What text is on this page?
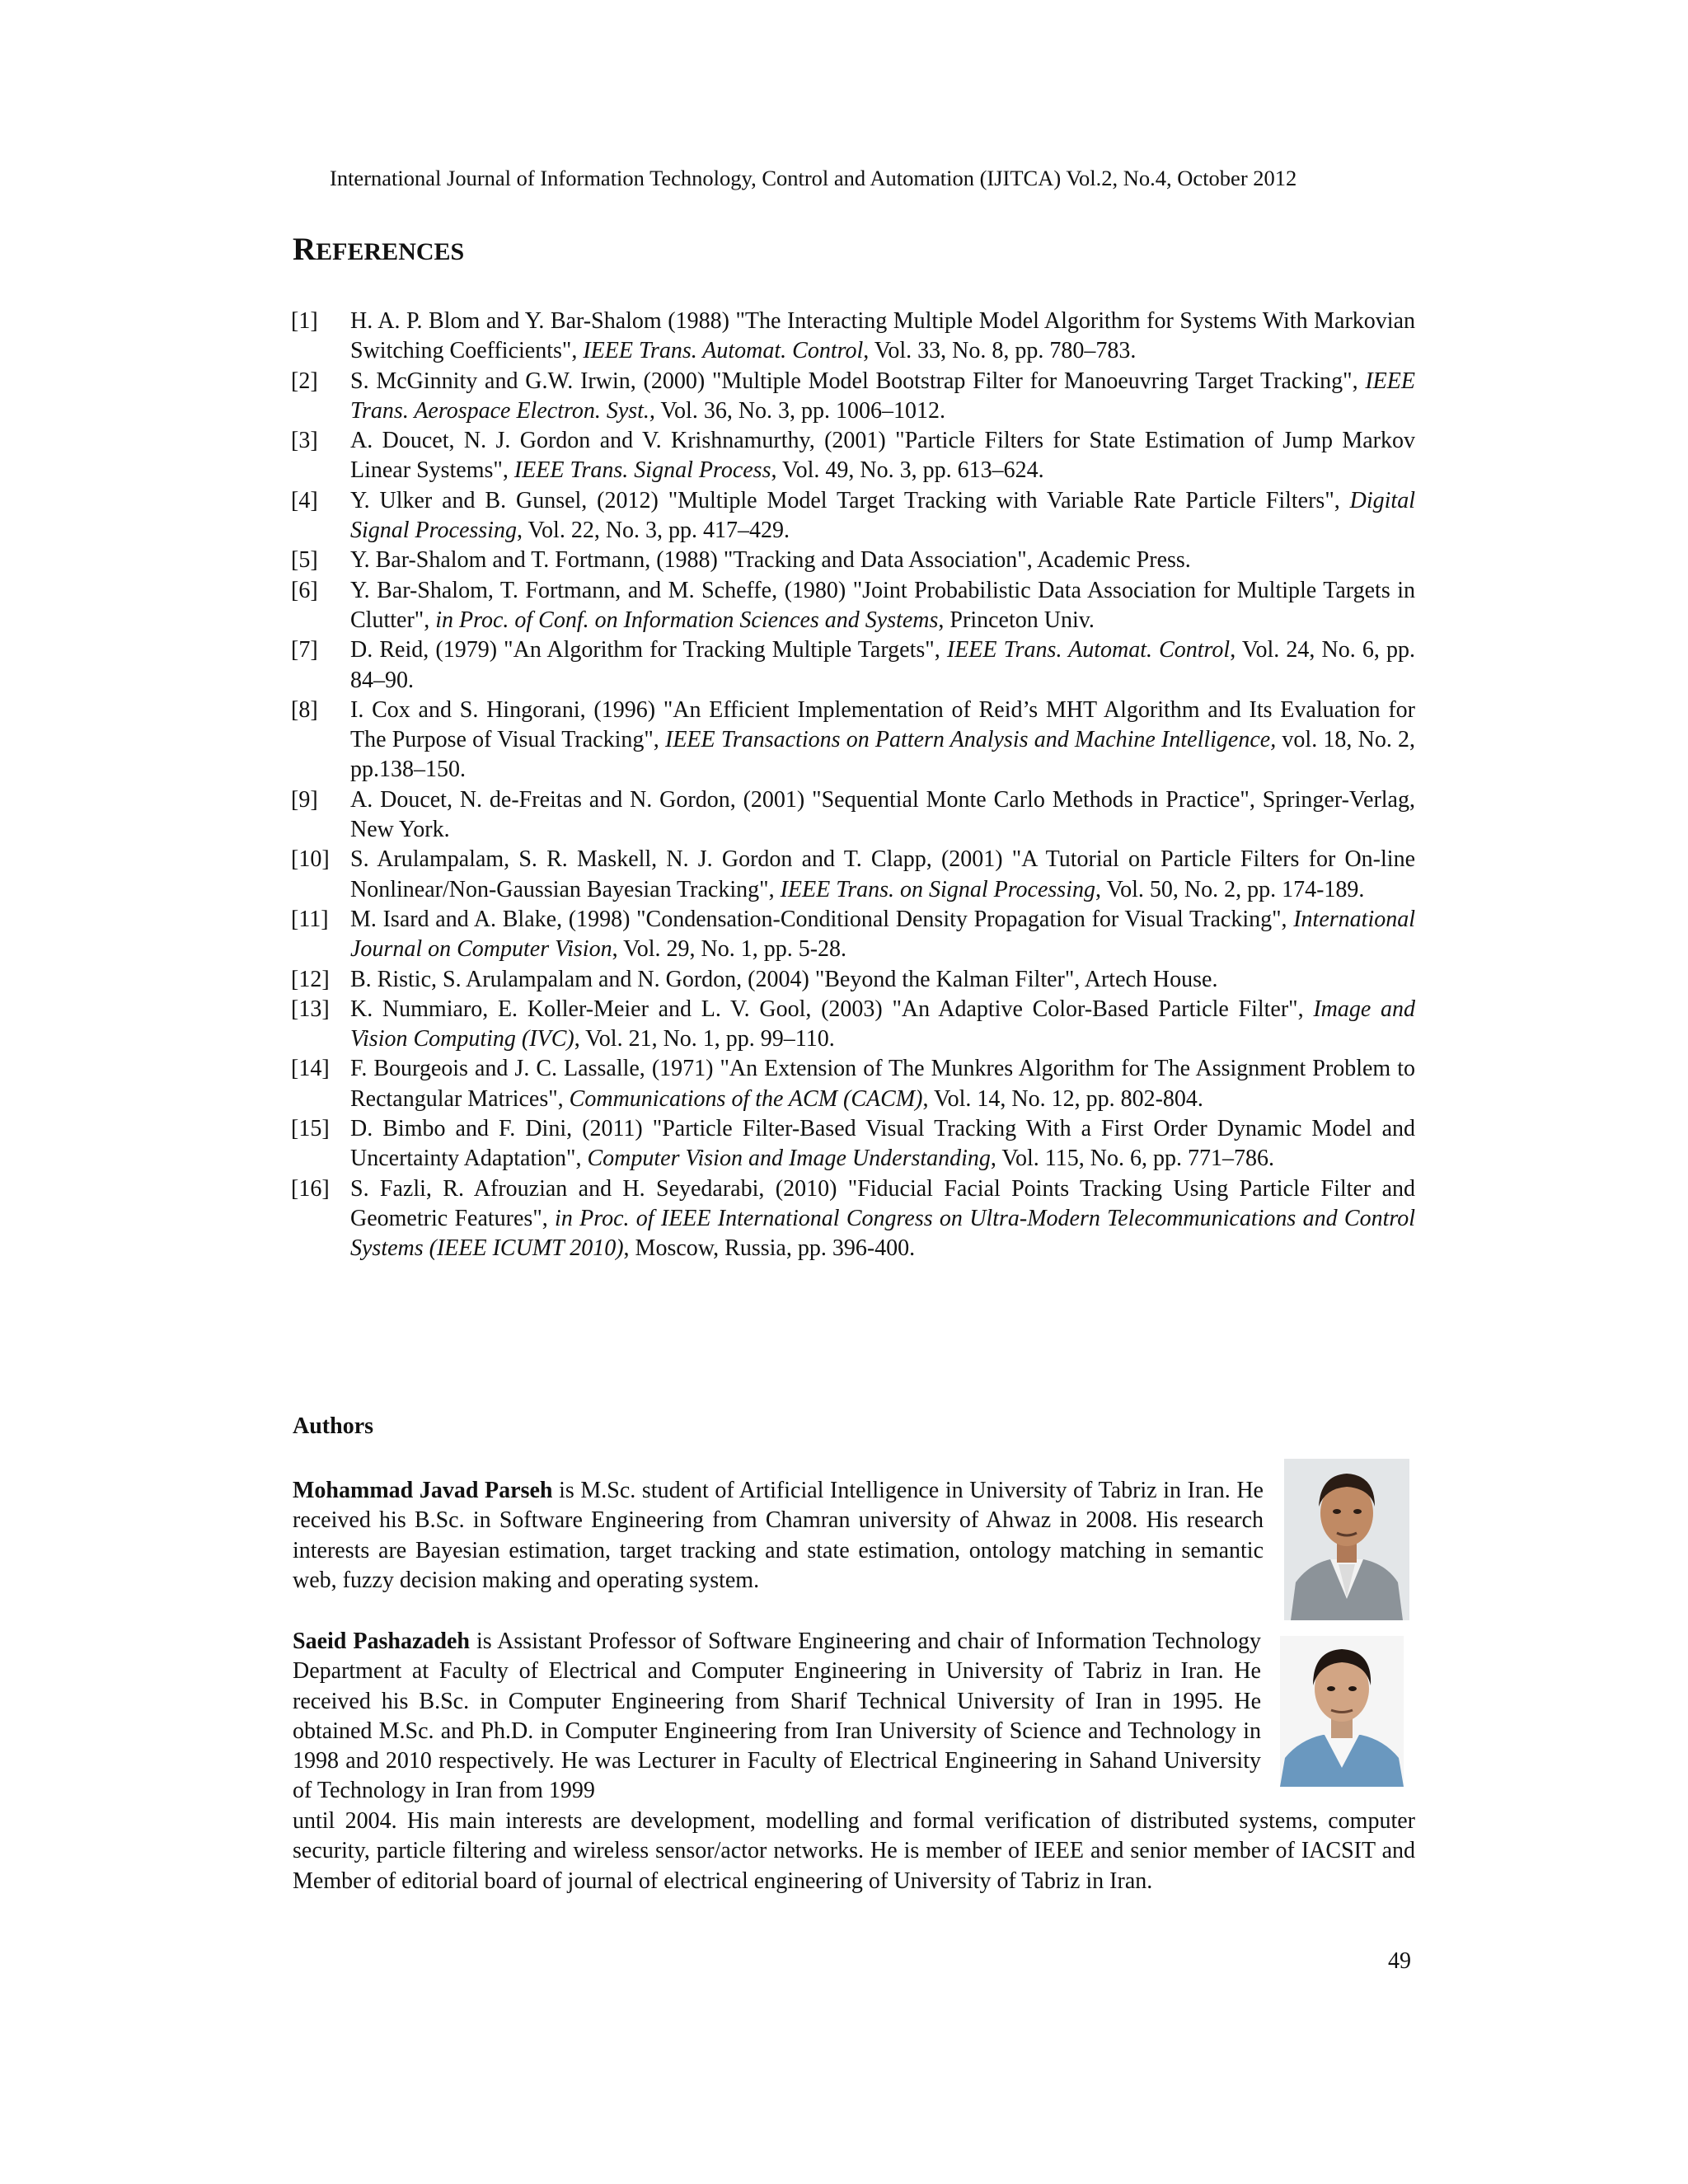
International Journal of Information Technology, Control and Automation (IJITCA) Vol.2, No.4, October 2012
REFERENCES
[1]	H. A. P. Blom and Y. Bar-Shalom (1988) "The Interacting Multiple Model Algorithm for Systems With Markovian Switching Coefficients", IEEE Trans. Automat. Control, Vol. 33, No. 8, pp. 780–783.
[2]	S. McGinnity and G.W. Irwin, (2000) "Multiple Model Bootstrap Filter for Manoeuvring Target Tracking", IEEE Trans. Aerospace Electron. Syst., Vol. 36, No. 3, pp. 1006–1012.
[3]	A. Doucet, N. J. Gordon and V. Krishnamurthy, (2001) "Particle Filters for State Estimation of Jump Markov Linear Systems", IEEE Trans. Signal Process, Vol. 49, No. 3, pp. 613–624.
[4]	Y. Ulker and B. Gunsel, (2012) "Multiple Model Target Tracking with Variable Rate Particle Filters", Digital Signal Processing, Vol. 22, No. 3, pp. 417–429.
[5]	Y. Bar-Shalom and T. Fortmann, (1988) "Tracking and Data Association", Academic Press.
[6]	Y. Bar-Shalom, T. Fortmann, and M. Scheffe, (1980) "Joint Probabilistic Data Association for Multiple Targets in Clutter", in Proc. of Conf. on Information Sciences and Systems, Princeton Univ.
[7]	D. Reid, (1979) "An Algorithm for Tracking Multiple Targets", IEEE Trans. Automat. Control, Vol. 24, No. 6, pp. 84–90.
[8]	I. Cox and S. Hingorani, (1996) "An Efficient Implementation of Reid’s MHT Algorithm and Its Evaluation for The Purpose of Visual Tracking", IEEE Transactions on Pattern Analysis and Machine Intelligence, vol. 18, No. 2, pp.138–150.
[9]	A. Doucet, N. de-Freitas and N. Gordon, (2001) "Sequential Monte Carlo Methods in Practice", Springer-Verlag, New York.
[10] S. Arulampalam, S. R. Maskell, N. J. Gordon and T. Clapp, (2001) "A Tutorial on Particle Filters for On-line Nonlinear/Non-Gaussian Bayesian Tracking", IEEE Trans. on Signal Processing, Vol. 50, No. 2, pp. 174-189.
[11] M. Isard and A. Blake, (1998) "Condensation-Conditional Density Propagation for Visual Tracking", International Journal on Computer Vision, Vol. 29, No. 1, pp. 5-28.
[12] B. Ristic, S. Arulampalam and N. Gordon, (2004) "Beyond the Kalman Filter", Artech House.
[13] K. Nummiaro, E. Koller-Meier and L. V. Gool, (2003) "An Adaptive Color-Based Particle Filter", Image and Vision Computing (IVC), Vol. 21, No. 1, pp. 99–110.
[14] F. Bourgeois and J. C. Lassalle, (1971) "An Extension of The Munkres Algorithm for The Assignment Problem to Rectangular Matrices", Communications of the ACM (CACM), Vol. 14, No. 12, pp. 802-804.
[15] D. Bimbo and F. Dini, (2011) "Particle Filter-Based Visual Tracking With a First Order Dynamic Model and Uncertainty Adaptation", Computer Vision and Image Understanding, Vol. 115, No. 6, pp. 771–786.
[16] S. Fazli, R. Afrouzian and H. Seyedarabi, (2010) "Fiducial Facial Points Tracking Using Particle Filter and Geometric Features", in Proc. of IEEE International Congress on Ultra-Modern Telecommunications and Control Systems (IEEE ICUMT 2010), Moscow, Russia, pp. 396-400.
Authors
Mohammad Javad Parseh is M.Sc. student of Artificial Intelligence in University of Tabriz in Iran. He received his B.Sc. in Software Engineering from Chamran university of Ahwaz in 2008. His research interests are Bayesian estimation, target tracking and state estimation, ontology matching in semantic web, fuzzy decision making and operating system.
Saeid Pashazadeh is Assistant Professor of Software Engineering and chair of Information Technology Department at Faculty of Electrical and Computer Engineering in University of Tabriz in Iran. He received his B.Sc. in Computer Engineering from Sharif Technical University of Iran in 1995. He obtained M.Sc. and Ph.D. in Computer Engineering from Iran University of Science and Technology in 1998 and 2010 respectively. He was Lecturer in Faculty of Electrical Engineering in Sahand University of Technology in Iran from 1999
until 2004. His main interests are development, modelling and formal verification of distributed systems, computer security, particle filtering and wireless sensor/actor networks. He is member of IEEE and senior member of IACSIT and Member of editorial board of journal of electrical engineering of University of Tabriz in Iran.
49
